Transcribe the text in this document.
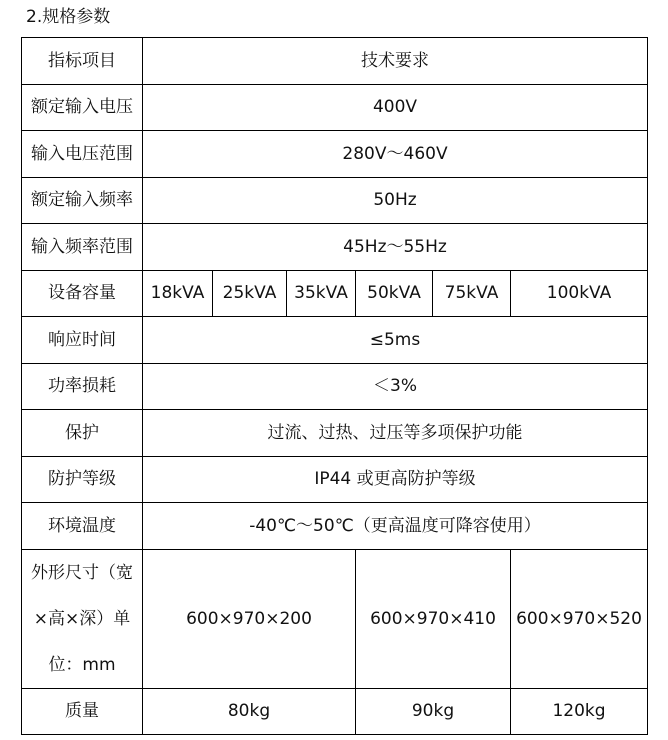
2.规格参数
指标项目	技术要求					
额定输入电压	400V					
输入电压范围	280V～460V					
额定输入频率	50Hz					
输入频率范围	45Hz～55Hz					
设备容量	18kVA	25kVA	35kVA	50kVA	75kVA	100kVA
响应时间	≤5ms					
功率损耗	＜3%					
保护	过流、过热、过压等多项保护功能					
防护等级	IP44 或更高防护等级					
环境温度	-40℃～50℃（更高温度可降容使用）					
外形尺寸（宽×高×深）单位：mm	600×970×200			600×970×410		600×970×520
质量	80kg			90kg		120kg
